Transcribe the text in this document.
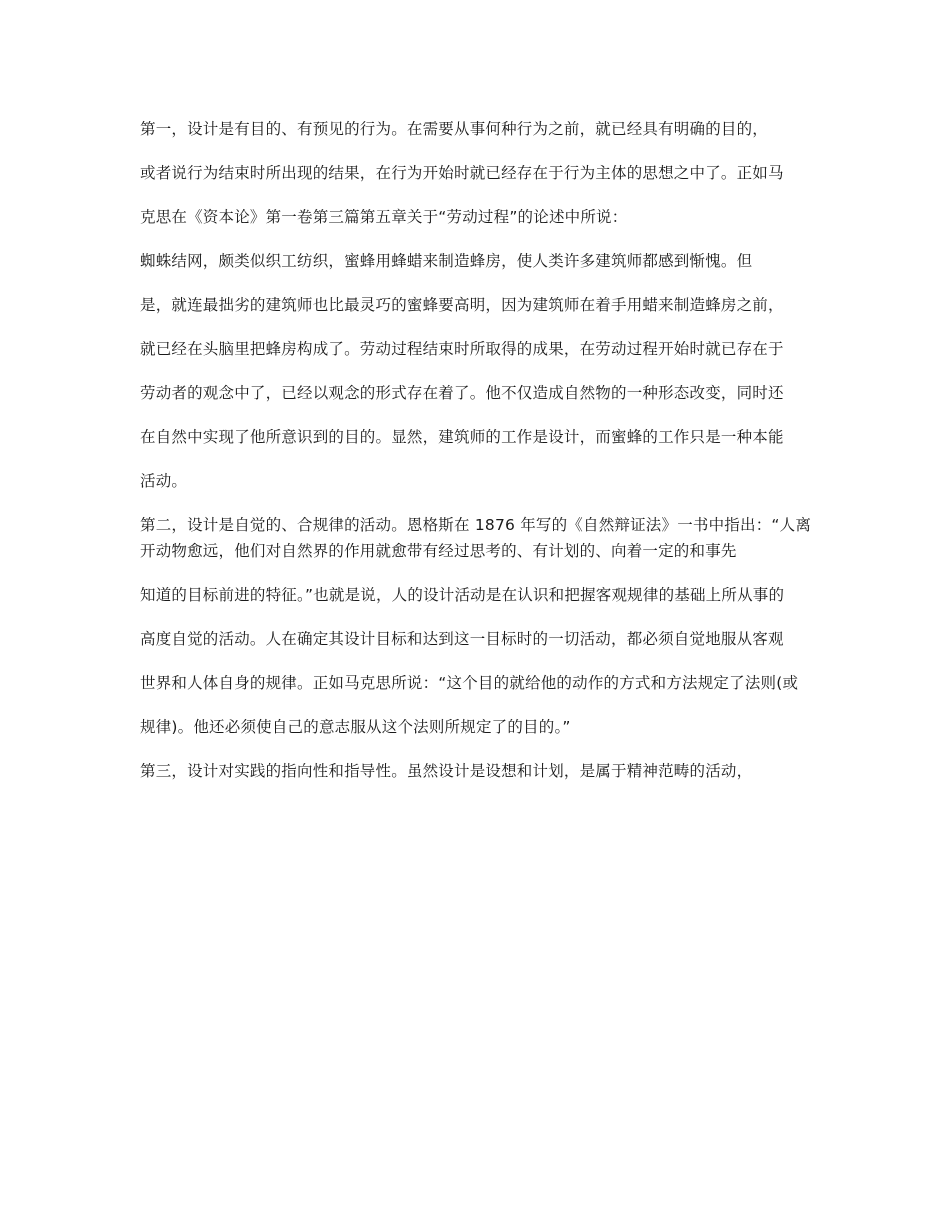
第一，设计是有目的、有预见的行为。在需要从事何种行为之前，就已经具有明确的目的，

或者说行为结束时所出现的结果，在行为开始时就已经存在于行为主体的思想之中了。正如马

克思在《资本论》第一卷第三篇第五章关于“劳动过程”的论述中所说：

蜘蛛结网，颇类似织工纺织，蜜蜂用蜂蜡来制造蜂房，使人类许多建筑师都感到惭愧。但

是，就连最拙劣的建筑师也比最灵巧的蜜蜂要高明，因为建筑师在着手用蜡来制造蜂房之前，

就已经在头脑里把蜂房构成了。劳动过程结束时所取得的成果，在劳动过程开始时就已存在于

劳动者的观念中了，已经以观念的形式存在着了。他不仅造成自然物的一种形态改变，同时还

在自然中实现了他所意识到的目的。显然，建筑师的工作是设计，而蜜蜂的工作只是一种本能

活动。

第二，设计是自觉的、合规律的活动。恩格斯在 1876 年写的《自然辩证法》一书中指出：“人离开动物愈远，他们对自然界的作用就愈带有经过思考的、有计划的、向着一定的和事先

知道的目标前进的特征。”也就是说，人的设计活动是在认识和把握客观规律的基础上所从事的

高度自觉的活动。人在确定其设计目标和达到这一目标时的一切活动，都必须自觉地服从客观

世界和人体自身的规律。正如马克思所说：“这个目的就给他的动作的方式和方法规定了法则(或

规律)。他还必须使自己的意志服从这个法则所规定了的目的。”

第三，设计对实践的指向性和指导性。虽然设计是设想和计划，是属于精神范畴的活动，
